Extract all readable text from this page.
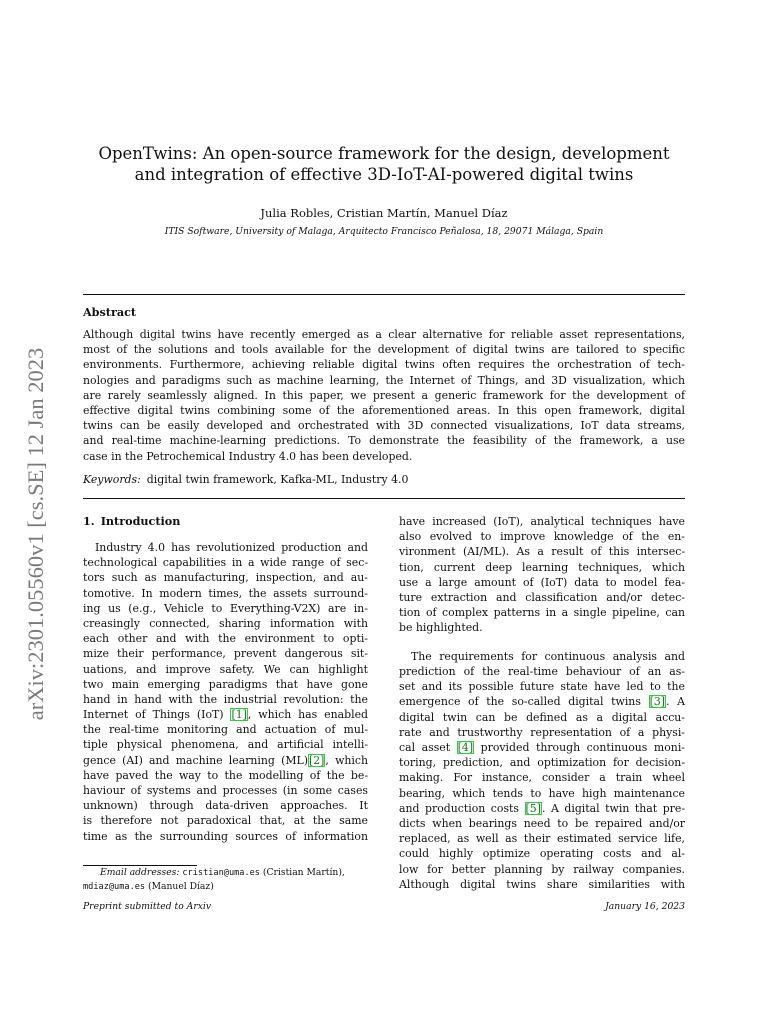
arXiv:2301.05560v1 [cs.SE] 12 Jan 2023
OpenTwins: An open-source framework for the design, development
and integration of effective 3D-IoT-AI-powered digital twins
Julia Robles, Cristian Martín, Manuel Díaz
ITIS Software, University of Malaga, Arquitecto Francisco Peñalosa, 18, 29071 Málaga, Spain
Abstract
Although digital twins have recently emerged as a clear alternative for reliable asset representations,
most of the solutions and tools available for the development of digital twins are tailored to specific
environments. Furthermore, achieving reliable digital twins often requires the orchestration of tech-
nologies and paradigms such as machine learning, the Internet of Things, and 3D visualization, which
are rarely seamlessly aligned. In this paper, we present a generic framework for the development of
effective digital twins combining some of the aforementioned areas. In this open framework, digital
twins can be easily developed and orchestrated with 3D connected visualizations, IoT data streams,
and real-time machine-learning predictions. To demonstrate the feasibility of the framework, a use
case in the Petrochemical Industry 4.0 has been developed.
Keywords: digital twin framework, Kafka-ML, Industry 4.0
1. Introduction
Industry 4.0 has revolutionized production and
technological capabilities in a wide range of sec-
tors such as manufacturing, inspection, and au-
tomotive. In modern times, the assets surround-
ing us (e.g., Vehicle to Everything-V2X) are in-
creasingly connected, sharing information with
each other and with the environment to opti-
mize their performance, prevent dangerous sit-
uations, and improve safety. We can highlight
two main emerging paradigms that have gone
hand in hand with the industrial revolution: the
Internet of Things (IoT) [1], which has enabled
the real-time monitoring and actuation of mul-
tiple physical phenomena, and artificial intelli-
gence (AI) and machine learning (ML)[2], which
have paved the way to the modelling of the be-
haviour of systems and processes (in some cases
unknown) through data-driven approaches. It
is therefore not paradoxical that, at the same
time as the surrounding sources of information
have increased (IoT), analytical techniques have
also evolved to improve knowledge of the en-
vironment (AI/ML). As a result of this intersec-
tion, current deep learning techniques, which
use a large amount of (IoT) data to model fea-
ture extraction and classification and/or detec-
tion of complex patterns in a single pipeline, can
be highlighted.
The requirements for continuous analysis and
prediction of the real-time behaviour of an as-
set and its possible future state have led to the
emergence of the so-called digital twins [3]. A
digital twin can be defined as a digital accu-
rate and trustworthy representation of a physi-
cal asset [4] provided through continuous moni-
toring, prediction, and optimization for decision-
making. For instance, consider a train wheel
bearing, which tends to have high maintenance
and production costs [5]. A digital twin that pre-
dicts when bearings need to be repaired and/or
replaced, as well as their estimated service life,
could highly optimize operating costs and al-
low for better planning by railway companies.
Although digital twins share similarities with
Email addresses: cristian@uma.es (Cristian Martín),
mdiaz@uma.es (Manuel Díaz)
Preprint submitted to Arxiv	January 16, 2023
